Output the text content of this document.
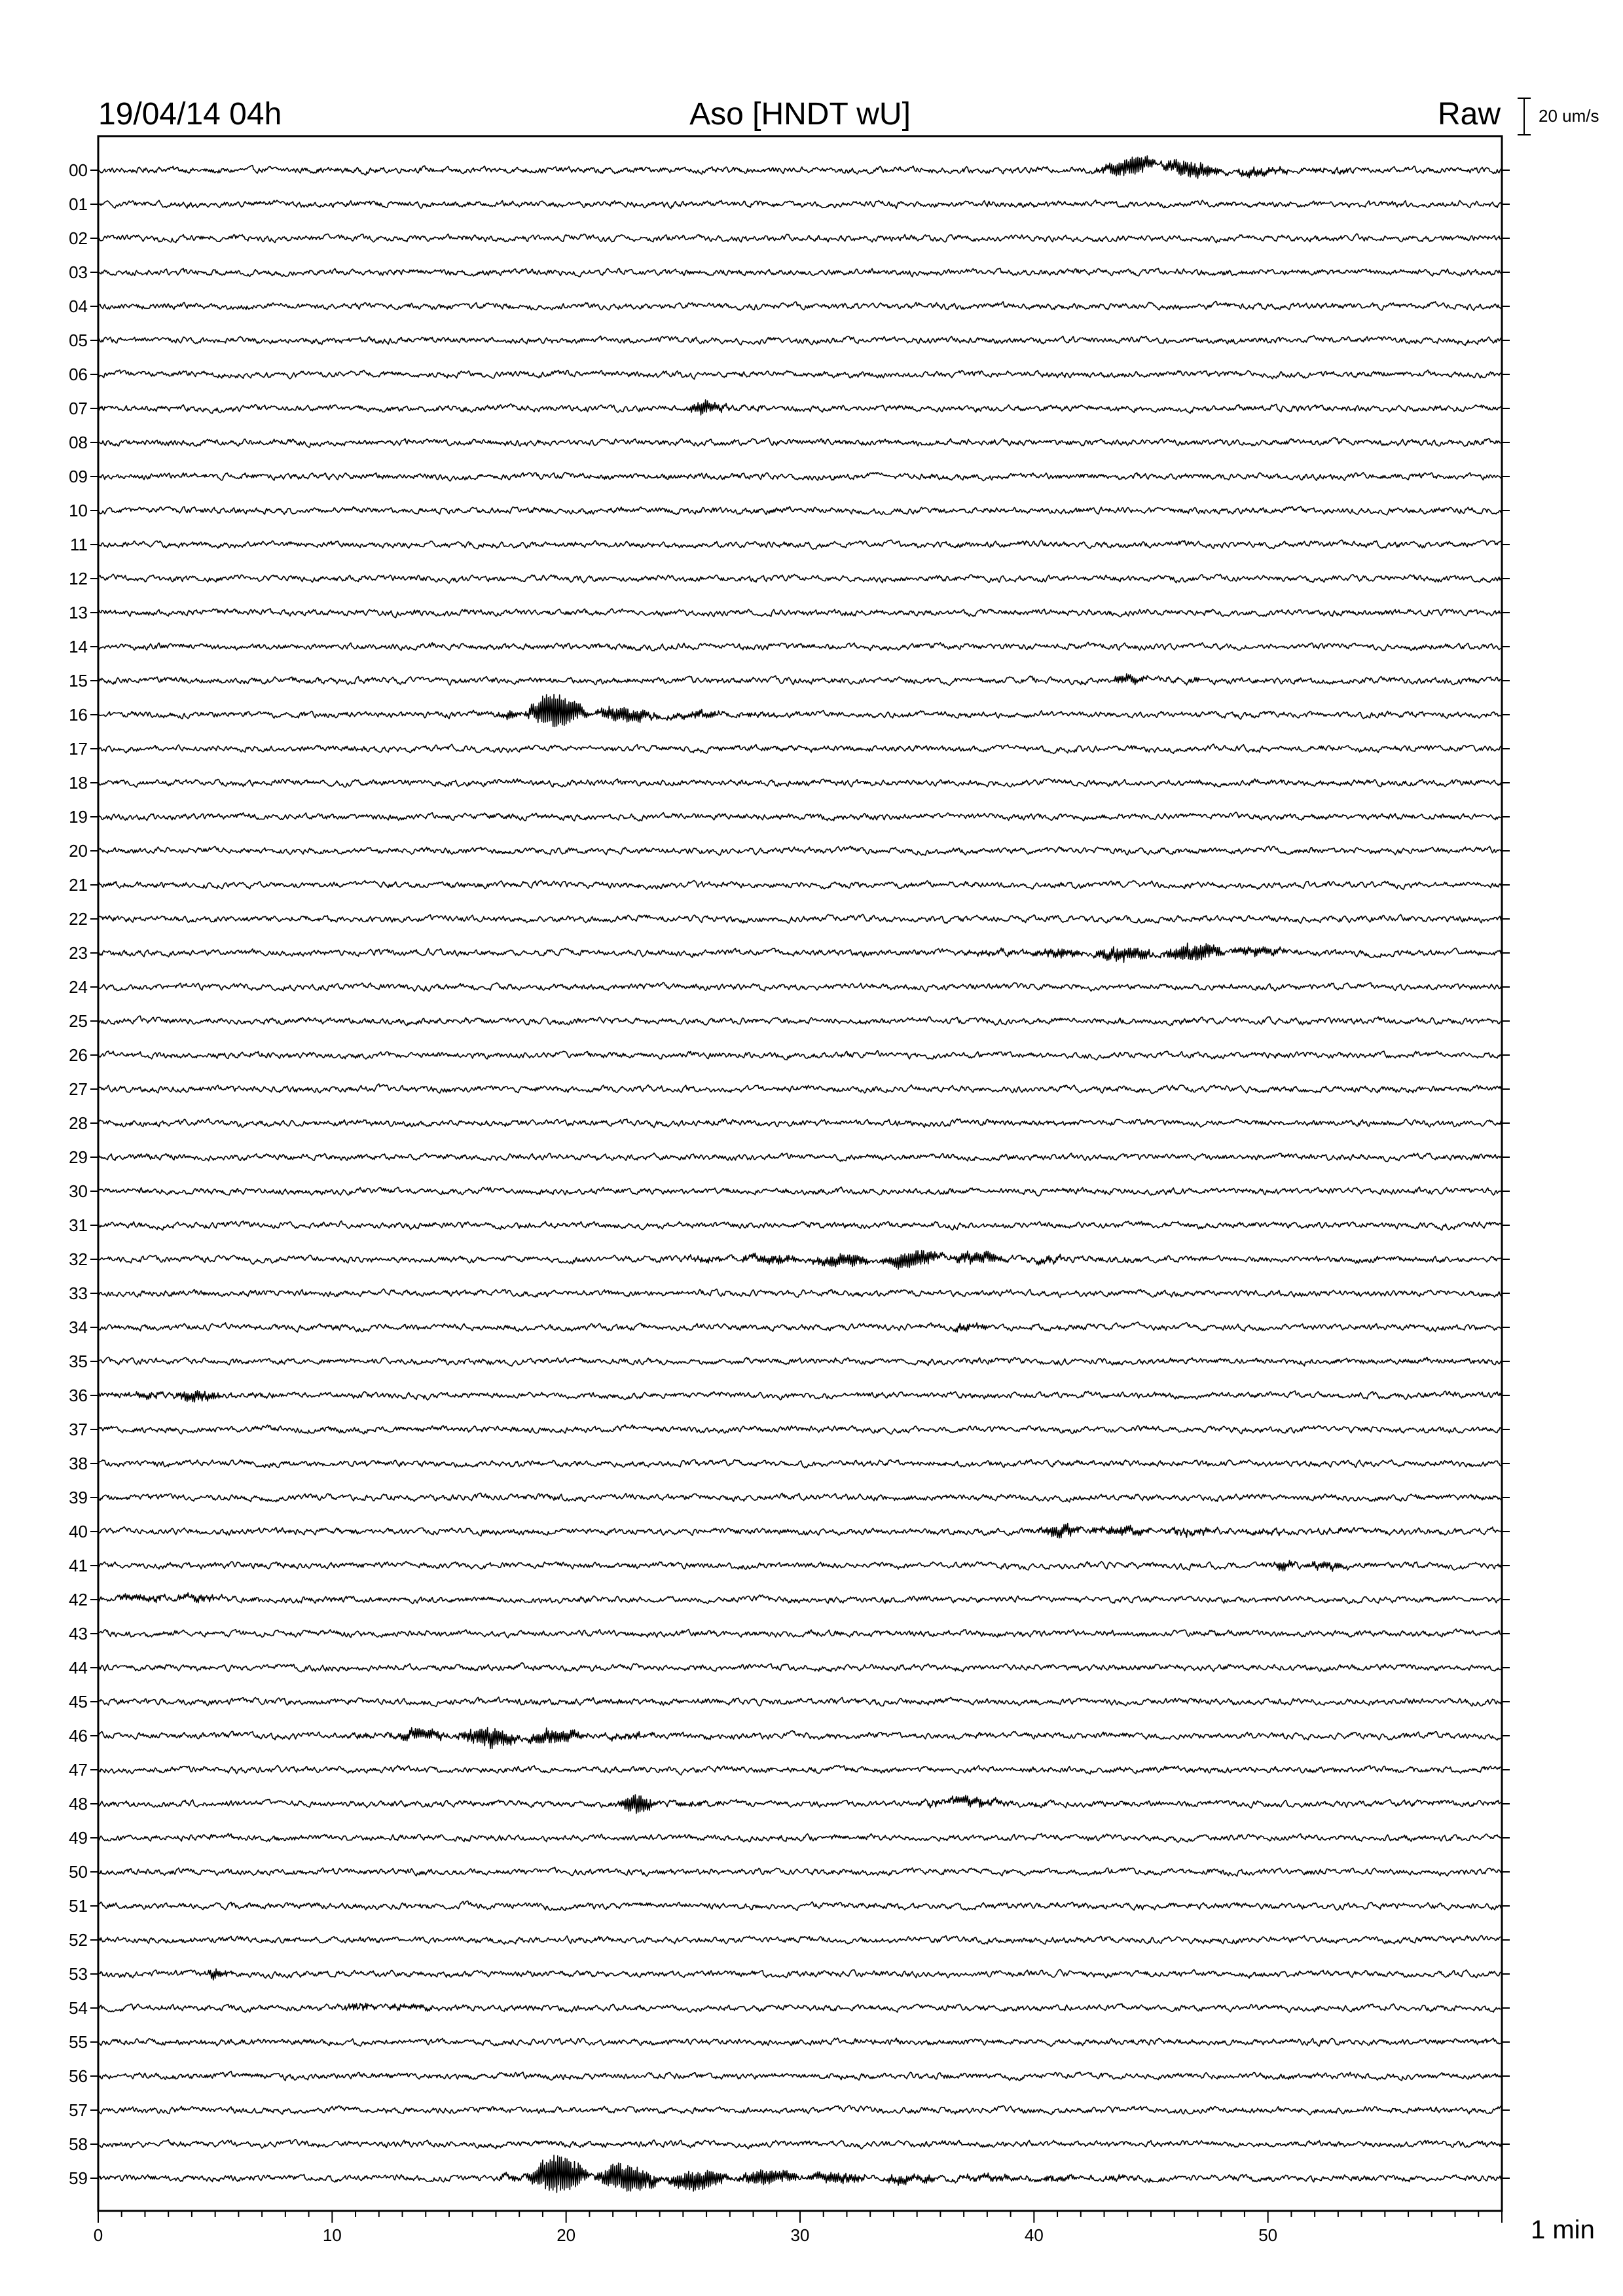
19/04/14 04h	Aso [HNDT wU]	Raw 20 um/s
00
01
02
03
04
05
06
07
08
09
10
11
12
13
14
15
16
17
18
19
20
21
22
23
24
25
26
27
28
29
30
31
32
33
34
35
36
37
38
39
40
41
42
43
44
45
46
47
48
49
50
51
52
53
54
55
56
57
58
59
0	10	20	30	40	50	1 min
